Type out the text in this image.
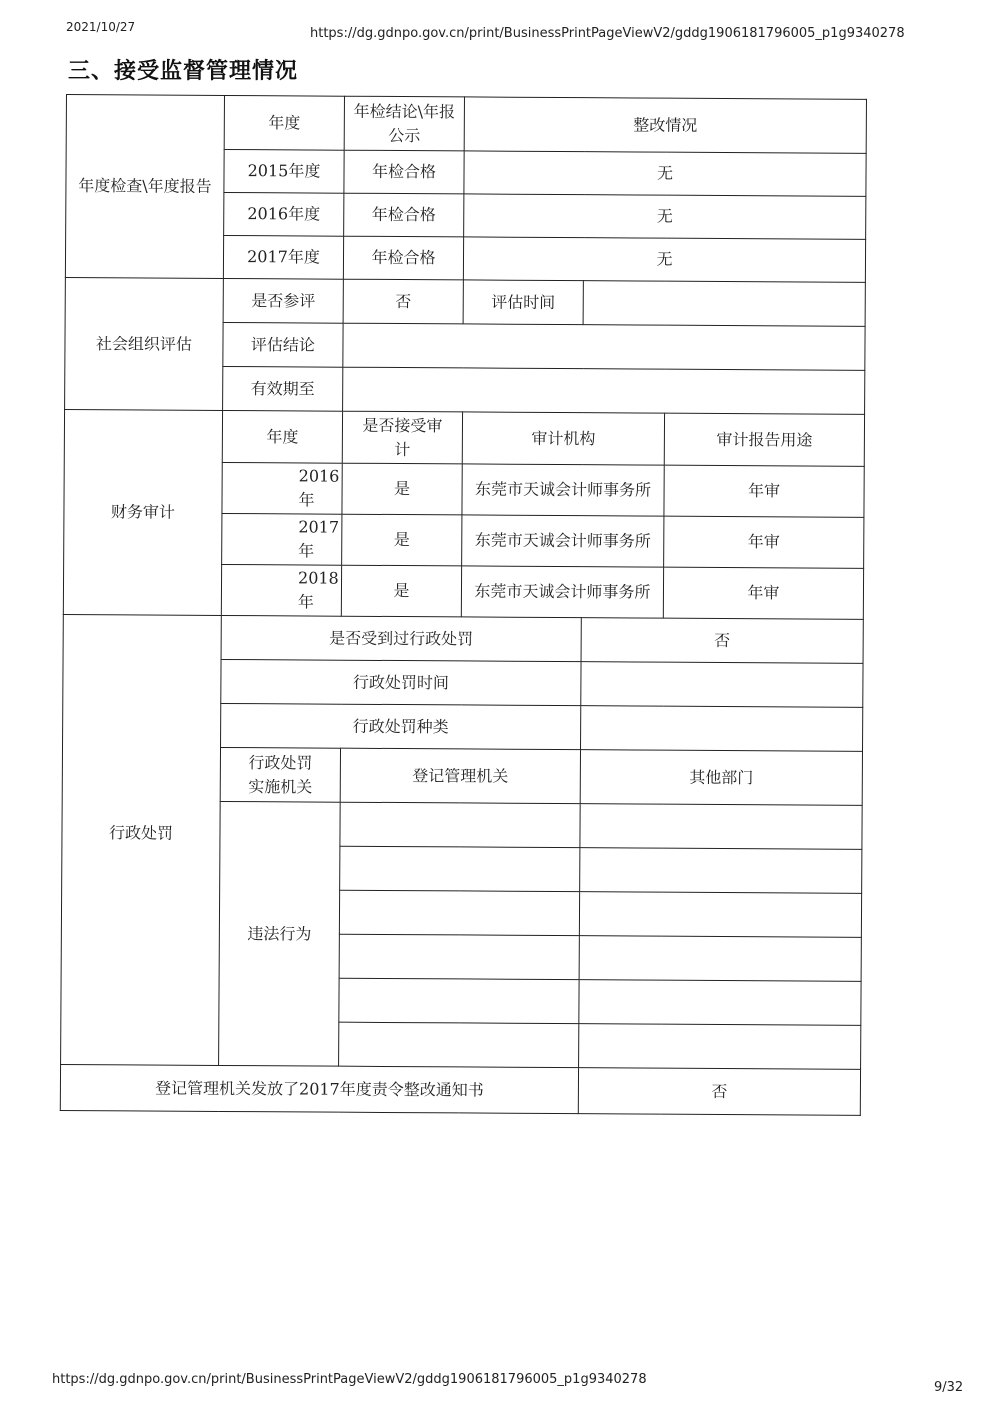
2021/10/27	https://dg.gdnpo.gov.cn/print/BusinessPrintPageViewV2/gddg1906181796005_p1g9340278
三、接受监督管理情况
年度检查\年度报告	年度	年检结论\年报公示	整改情况		
	2015年度	年检合格	无		
	2016年度	年检合格	无		
	2017年度	年检合格	无		
社会组织评估	是否参评	否	评估时间		
	评估结论				
	有效期至				
财务审计	年度	是否接受审计	审计机构		审计报告用途
	2016年	是	东莞市天诚会计师事务所		年审
	2017年	是	东莞市天诚会计师事务所		年审
	2018年	是	东莞市天诚会计师事务所		年审
行政处罚	是否受到过行政处罚			否	
	行政处罚时间				
	行政处罚种类				
	行政处罚实施机关	登记管理机关		其他部门	
	违法行为				

登记管理机关发放了2017年度责令整改通知书				否	
https://dg.gdnpo.gov.cn/print/BusinessPrintPageViewV2/gddg1906181796005_p1g9340278
9/32
